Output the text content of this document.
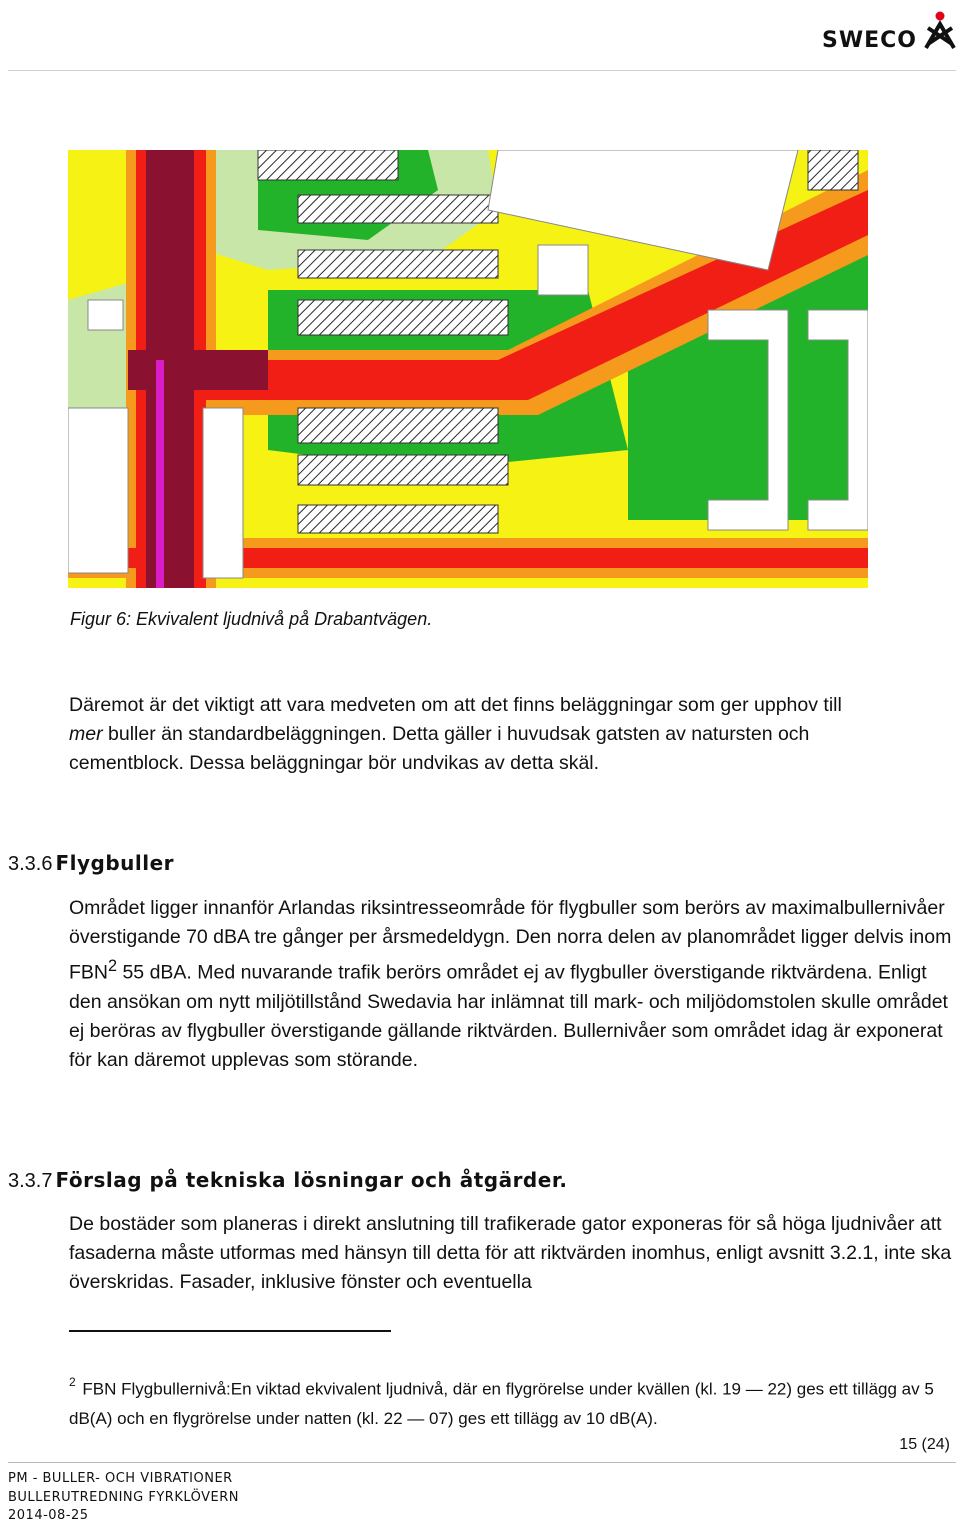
SWECO
Figur 6: Ekvivalent ljudnivå på Drabantvägen.
Däremot är det viktigt att vara medveten om att det finns beläggningar som ger upphov till
mer buller än standardbeläggningen. Detta gäller i huvudsak gatsten av natursten och
cementblock. Dessa beläggningar bör undvikas av detta skäl.
3.3.6 Flygbuller

Området ligger innanför Arlandas riksintresseområde för flygbuller som berörs av maximalbullernivåer överstigande 70 dBA tre gånger per årsmedeldygn. Den norra delen av planområdet ligger delvis inom FBN$^2$ 55 dBA. Med nuvarande trafik berörs området ej av flygbuller överstigande riktvärdena. Enligt den ansökan om nytt miljötillstånd Swedavia har inlämnat till mark- och miljödomstolen skulle området ej beröras av flygbuller överstigande gällande riktvärden. Bullernivåer som området idag är exponerat för kan däremot upplevas som störande.

3.3.7 Förslag på tekniska lösningar och åtgärder.

De bostäder som planeras i direkt anslutning till trafikerade gator exponeras för så höga ljudnivåer att fasaderna måste utformas med hänsyn till detta för att riktvärden inomhus, enligt avsnitt 3.2.1, inte ska överskridas. Fasader, inklusive fönster och eventuella

$^2$ FBN Flygbullernivå:En viktad ekvivalent ljudnivå, där en flygrörelse under kvällen (kl. 19 — 22) ges ett tillägg av 5 dB(A) och en flygrörelse under natten (kl. 22 — 07) ges ett tillägg av 10 dB(A).

15 (24)
PM - BULLER- OCH VIBRATIONER
BULLERUTREDNING FYRKLÖVERN
2014-08-25
